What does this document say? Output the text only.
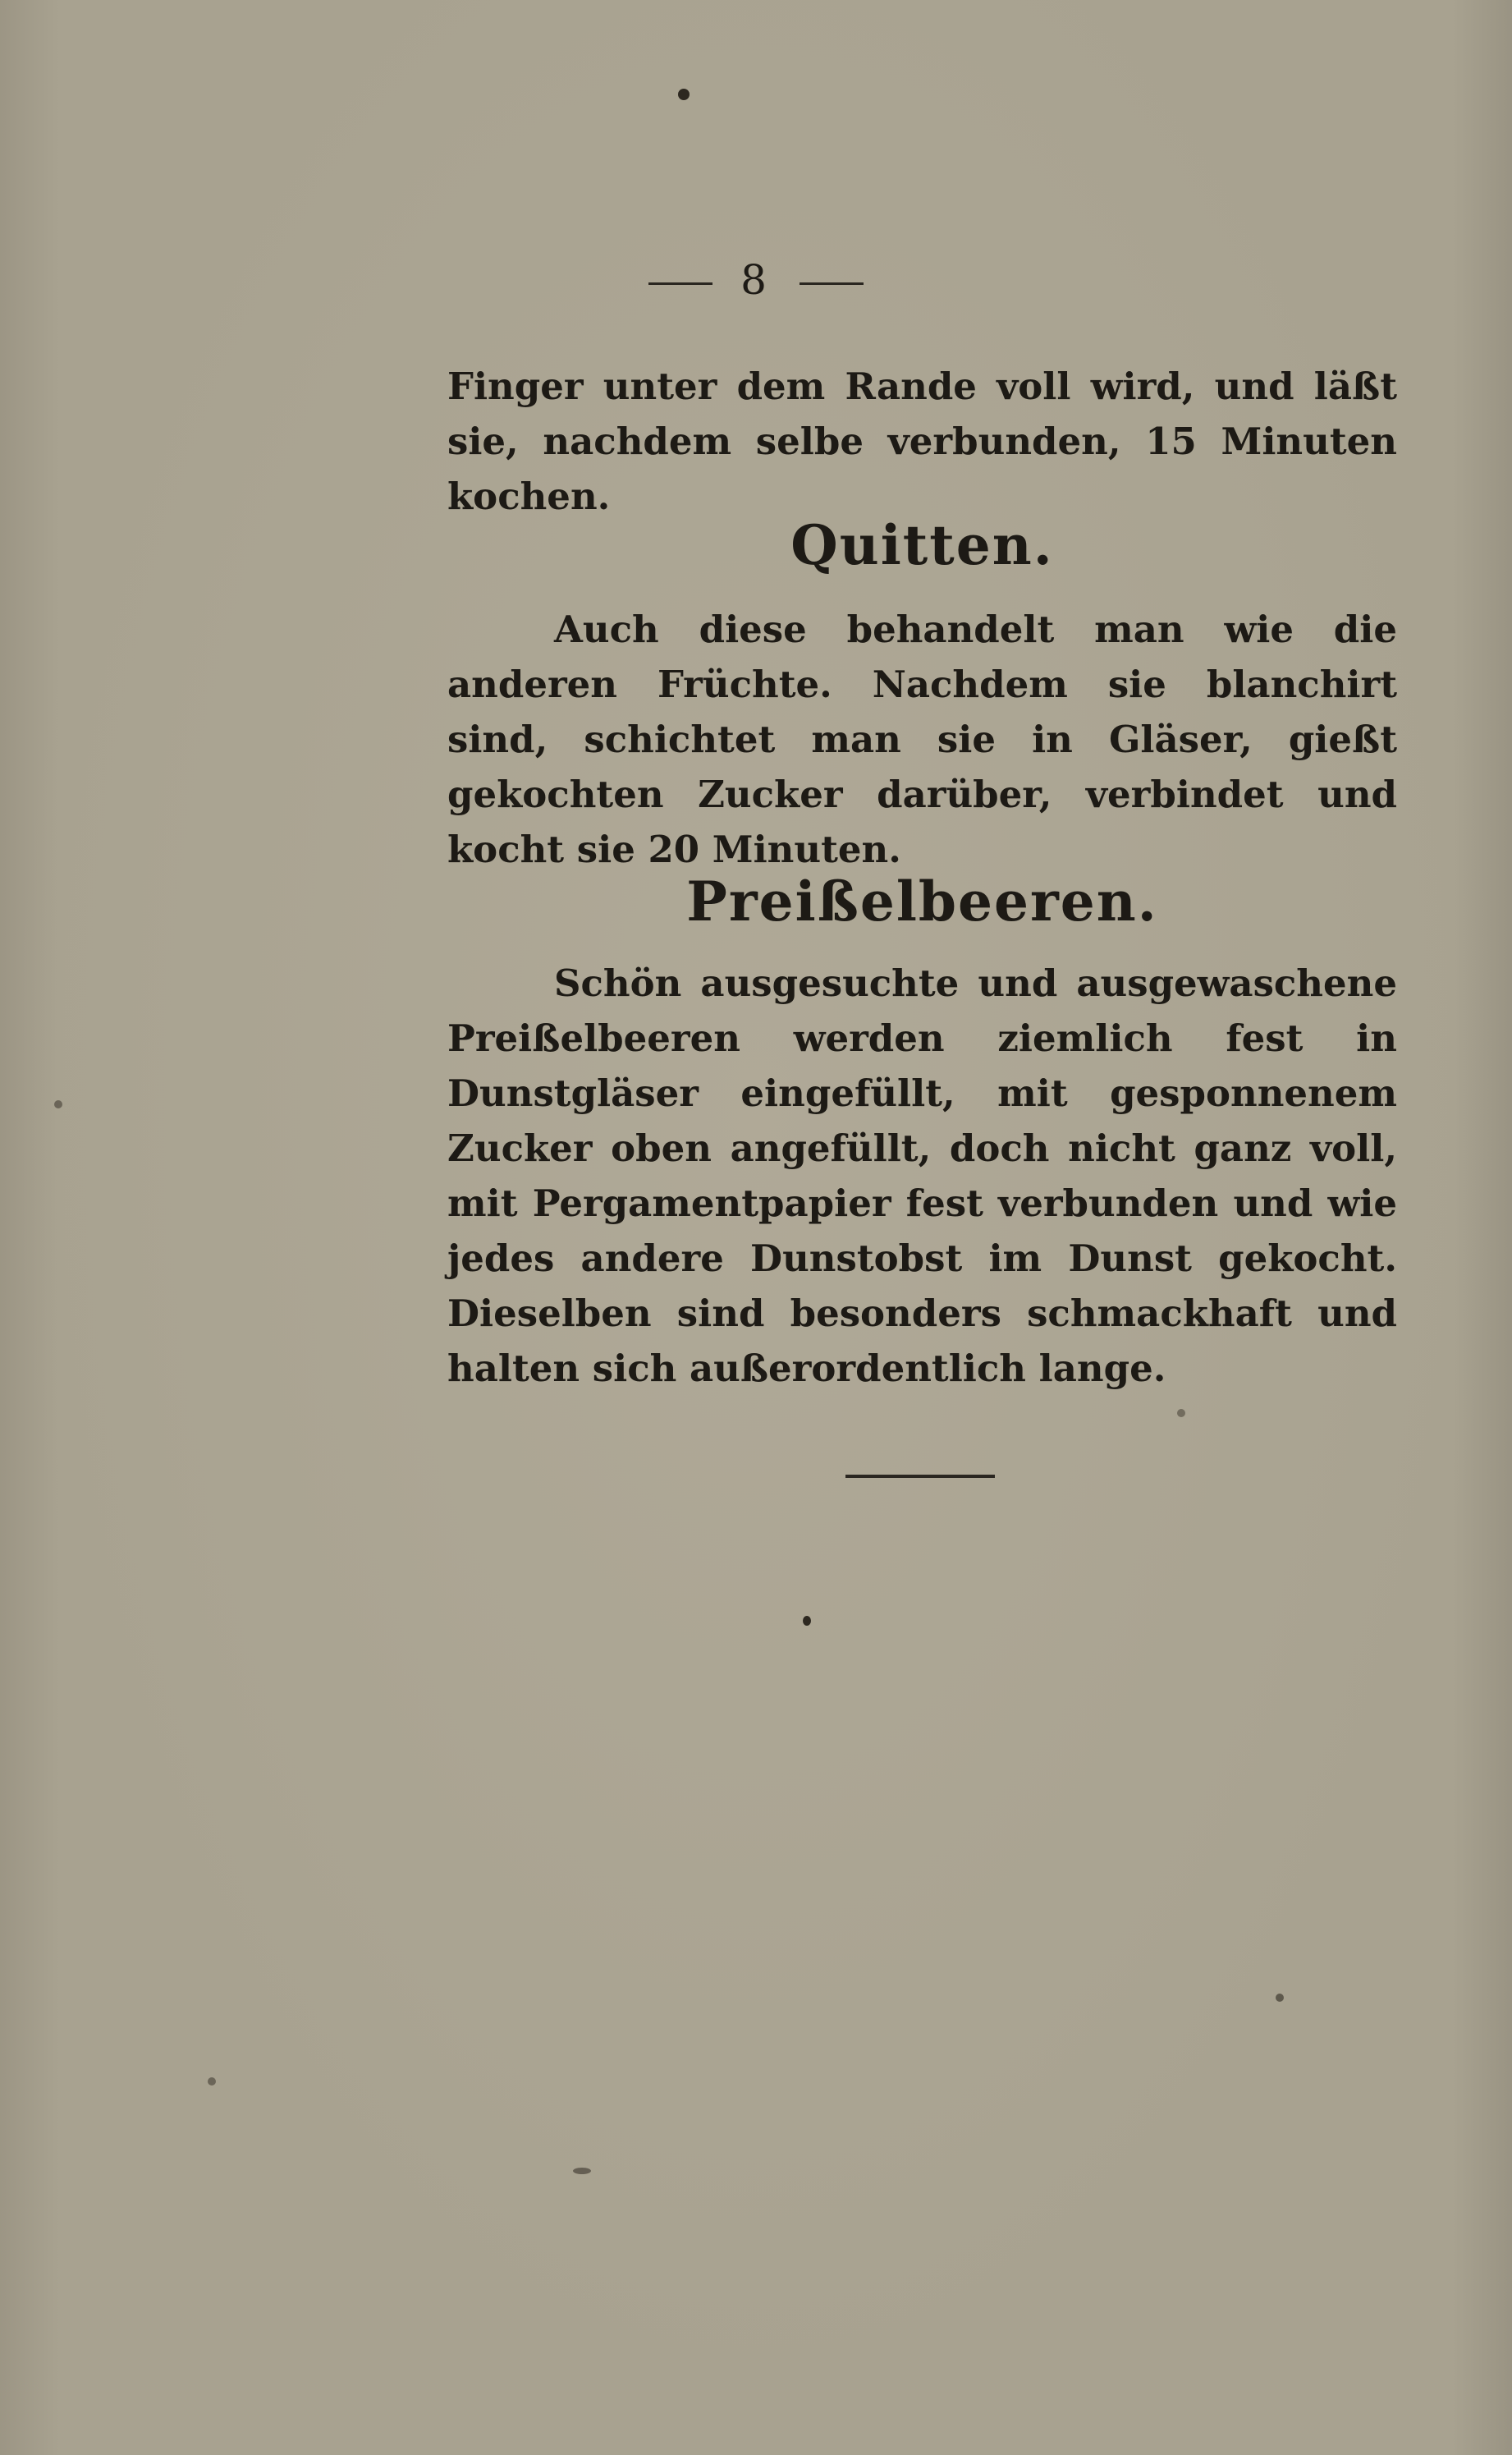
8

Finger unter dem Rande voll wird, und läßt sie, nachdem selbe verbunden, 15 Minuten kochen.

Quitten.

Auch diese behandelt man wie die anderen Früchte. Nachdem sie blanchirt sind, schichtet man sie in Gläser, gießt gekochten Zucker darüber, verbindet und kocht sie 20 Minuten.

Preißelbeeren.

Schön ausgesuchte und ausgewaschene Preißelbeeren werden ziemlich fest in Dunstgläser eingefüllt, mit gesponnenem Zucker oben angefüllt, doch nicht ganz voll, mit Pergamentpapier fest verbunden und wie jedes andere Dunstobst im Dunst gekocht. Dieselben sind besonders schmackhaft und halten sich außerordentlich lange.
